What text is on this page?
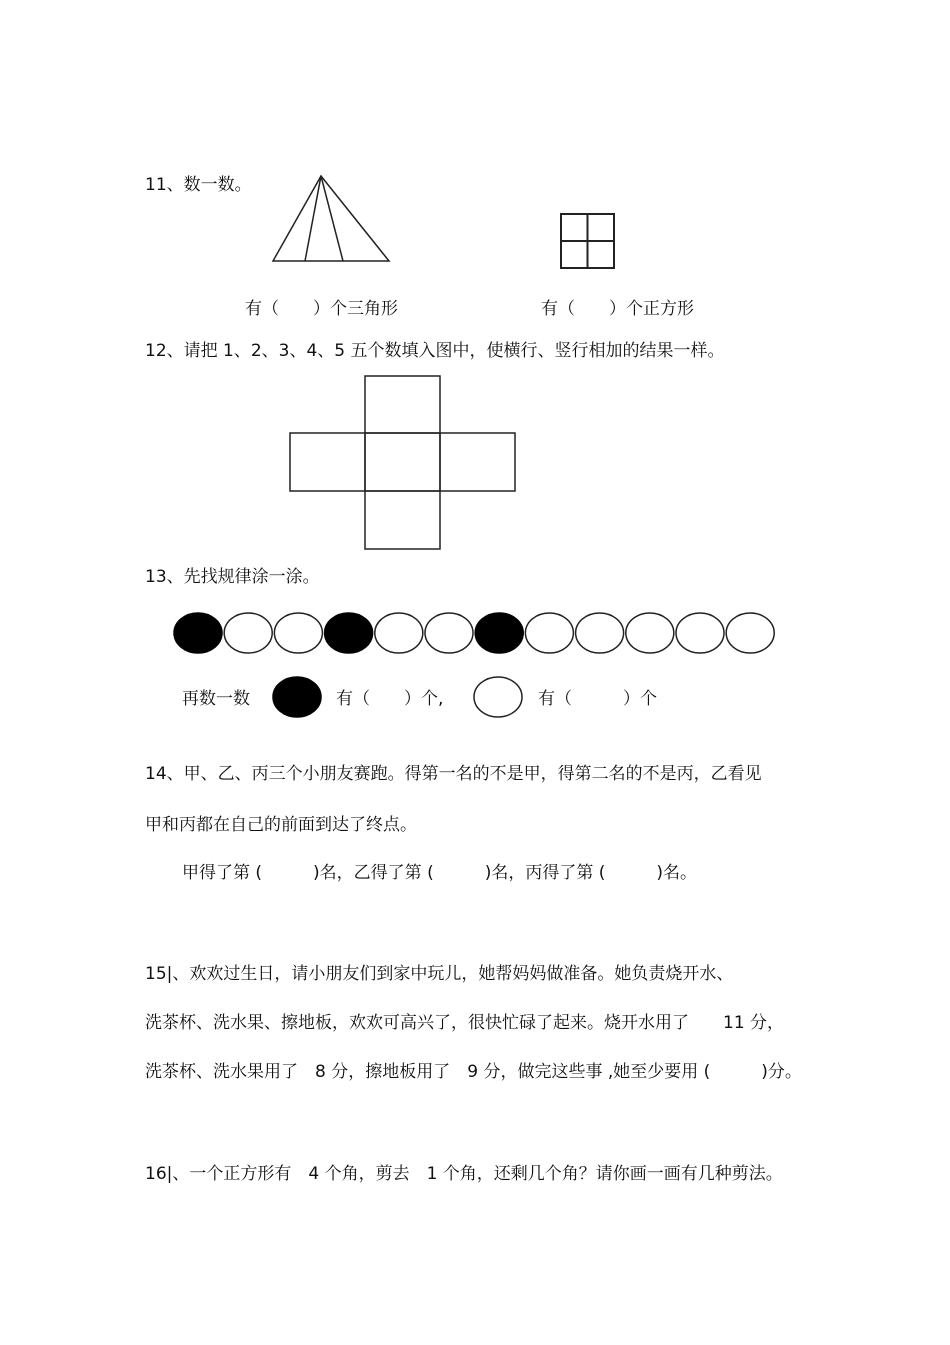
11、数一数。
有（　　）个三角形	有（　　）个正方形
12、请把 1、2、3、4、5 五个数填入图中，使横行、竖行相加的结果一样。
13、先找规律涂一涂。
再数一数	有（　　）个,	有（　　　）个
14、甲、乙、丙三个小朋友赛跑。得第一名的不是甲，得第二名的不是丙，乙看见
甲和丙都在自己的前面到达了终点。
甲得了第 (　　　)名，乙得了第 (　　　)名，丙得了第 (　　　)名。
15|、欢欢过生日，请小朋友们到家中玩儿，她帮妈妈做准备。她负责烧开水、
洗茶杯、洗水果、擦地板，欢欢可高兴了，很快忙碌了起来。烧开水用了　　11 分，
洗茶杯、洗水果用了　8 分，擦地板用了　9 分，做完这些事 ,她至少要用 (　　　)分。
16|、一个正方形有　4 个角，剪去　1 个角，还剩几个角？请你画一画有几种剪法。
